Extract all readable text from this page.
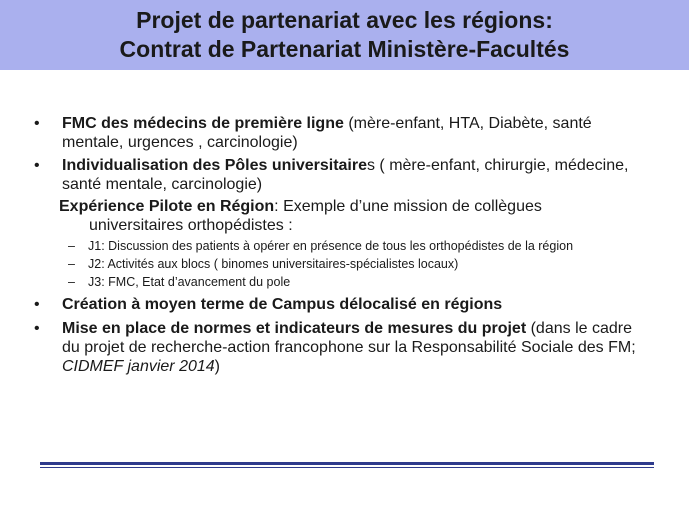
Projet de partenariat avec les régions:
Contrat de Partenariat Ministère-Facultés
• FMC des médecins de première ligne (mère-enfant, HTA, Diabète, santé mentale, urgences , carcinologie)
• Individualisation des Pôles universitaires ( mère-enfant, chirurgie, médecine, santé mentale, carcinologie)
Expérience Pilote en Région: Exemple d’une mission de collègues
universitaires orthopédistes :
– J1: Discussion des patients à opérer en présence de tous les orthopédistes de la région
– J2: Activités aux blocs ( binomes universitaires-spécialistes locaux)
– J3: FMC, Etat d’avancement du pole
• Création à moyen terme de Campus délocalisé en régions
• Mise en place de normes et indicateurs de mesures du projet (dans le cadre du projet de recherche-action francophone sur la Responsabilité Sociale des FM; CIDMEF janvier 2014)
